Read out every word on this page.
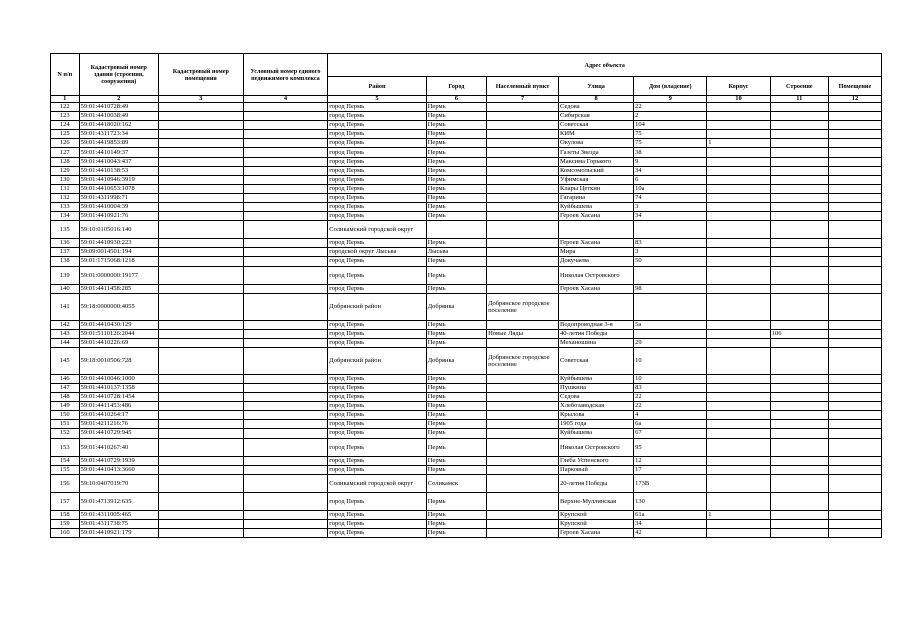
N п/п	Кадастровый номер здания (строения, сооружения)	Кадастровый номер помещения	Условный номер единого недвижимого комплекса	Адрес объекта							
				Район	Город	Населенный пункт	Улица	Дом (владение)	Корпус	Строение	Помещение
1	2	3	4	5	6	7	8	9	10	11	12
122	59:01:4410728:49			город Пермь	Пермь		Седова	22			
123	59:01:4410038:49			город Пермь	Пермь		Сибирская	2			
124	59:01:4418020:162			город Пермь	Пермь		Советская	104			
125	59:01:4311723:34			город Пермь	Пермь		КИМ	75			
126	59:01:4419853:89			город Пермь	Пермь		Окулова	75	1		
127	59:01:4410149:37			город Пермь	Пермь		Газеты Звезда	38			
128	59:01:4410043:437			город Пермь	Пермь		Максима Горького	9			
129	59:01:4410138:53			город Пермь	Пермь		Комсомольский	34			
130	59:01:4410946:3919			город Пермь	Пермь		Уфимская	6			
131	59:01:4410653:1078			город Пермь	Пермь		Клары Цеткин	10а			
132	59:01:4311998:71			город Пермь	Пермь		Гагарина	74			
133	59:01:4410004:39			город Пермь	Пермь		Куйбышева	3			
134	59:01:4410921:76			город Пермь	Пермь		Героев Хасана	34			
135	59:10:0105016:140			Соликамский городской округ							
136	59:01:4410930:223			город Пермь	Пермь		Героев Хасана	83			
137	59:09:0014501:194			городской округ Лысьва	Лысьва		Мира	3			
138	59:01:1715068:1218			город Пермь	Пермь		Докучаева	50			
139	59:01:0000000:19177			город Пермь	Пермь		Николая Островского				
140	59:01:4411458:285			город Пермь	Пермь		Героев Хасана	98			
141	59:18:0000000:4055			Добрянский район	Добрянка	Добрянское городское поселение					
142	59:01:4410430:129			город Пермь	Пермь		Водопроводная 3-я	5а			
143	59:01:5110126:2044			город Пермь	Пермь	Новые Ляды	40-летия Победы			106	
144	59:01:4410226:69			город Пермь	Пермь		Механошина	29			
145	59:18:0010506:728			Добрянский район	Добрянка	Добрянское городское поселение	Советская	10			
146	59:01:4410046:1000			город Пермь	Пермь		Куйбышева	10			
147	59:01:4410137:1358			город Пермь	Пермь		Пушкина	83			
148	59:01:4410728:1454			город Пермь	Пермь		Седова	22			
149	59:01:4411453:486			город Пермь	Пермь		Хлебозаводская	22			
150	59:01:4410264:17			город Пермь	Пермь		Крылова	4			
151	59:01:4211216:76			город Пермь	Пермь		1905 года	6а			
152	59:01:4410729:945			город Пермь	Пермь		Куйбышева	67			
153	59:01:4410267:40			город Пермь	Пермь		Николая Островского	95			
154	59:01:4410729:1939			город Пермь	Пермь		Глеба Успенского	12			
155	59:01:4410413:3660			город Пермь	Пермь		Парковый	17			
156	59:10:0407019:70			Соликамский городской округ	Соликамск		20-летия Победы	173В			
157	59:01:4713912:635			город Пермь	Пермь		Верхне-Муллинская	130			
158	59:01:4311005:465			город Пермь	Пермь		Крупской	61а	1		
159	59:01:4311738:75			город Пермь	Пермь		Крупской	34			
160	59:01:4410921:179			город Пермь	Пермь		Героев Хасана	42			
